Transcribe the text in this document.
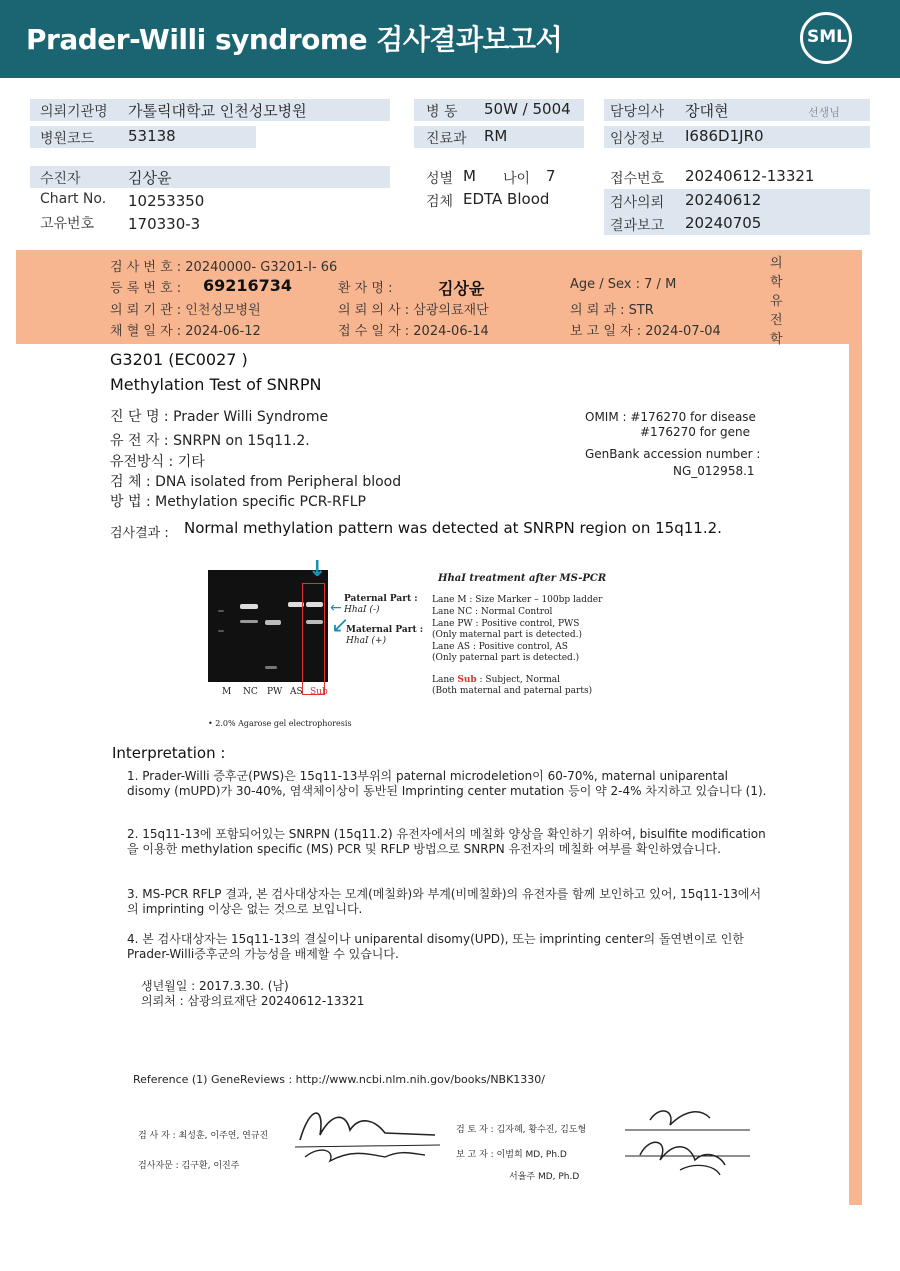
Prader-Willi syndrome 검사결과보고서	SML
의뢰기관명 가톨릭대학교 인천성모병원	병 동 50W / 5004	담당의사 장대현	선생님
병원코드 53138	진료과 RM	임상정보 I686D1JR0
수진자	김상윤	성별 M 나이 7	접수번호 20240612-13321
Chart No. 10253350	검체 EDTA Blood	검사의뢰 20240612
고유번호 170330-3	결과보고 20240705
검 사 번 호 : 20240000- G3201-I- 66
등 록 번 호 : 69216734	환 자 명 :	김상윤	Age / Sex : 7 / M
의 뢰 기 관 : 인천성모병원	의 뢰 의 사 : 삼광의료재단	의 뢰 과 : STR
채 혈 일 자 : 2024-06-12	접 수 일 자 : 2024-06-14	보 고 일 자 : 2024-07-04
의학유전학
G3201 (EC0027 )
Methylation Test of SNRPN
진 단 명 : Prader Willi Syndrome
유 전 자 : SNRPN on 15q11.2.
유전방식 : 기타
검 체 : DNA isolated from Peripheral blood
방 법 : Methylation specific PCR-RFLP
OMIM : #176270 for disease
#176270 for gene
GenBank accession number :
NG_012958.1
검사결과 : Normal methylation pattern was detected at SNRPN region on 15q11.2.
↓
←
↙
M NC PW AS Sub
Paternal Part :
HhaI (-)
Maternal Part :
HhaI (+)
• 2.0% Agarose gel electrophoresis
HhaI treatment after MS-PCR
Lane M : Size Marker – 100bp ladder
Lane NC : Normal Control
Lane PW : Positive control, PWS
(Only maternal part is detected.)
Lane AS : Positive control, AS
(Only paternal part is detected.)
Lane Sub : Subject, Normal
(Both maternal and paternal parts)
Interpretation :
1. Prader-Willi 증후군(PWS)은 15q11-13부위의 paternal microdeletion이 60-70%, maternal uniparental disomy (mUPD)가 30-40%, 염색체이상이 동반된 Imprinting center mutation 등이 약 2-4% 차지하고 있습니다 (1).
2. 15q11-13에 포함되어있는 SNRPN (15q11.2) 유전자에서의 메칠화 양상을 확인하기 위하여, bisulfite modification을 이용한 methylation specific (MS) PCR 및 RFLP 방법으로 SNRPN 유전자의 메칠화 여부를 확인하였습니다.
3. MS-PCR RFLP 결과, 본 검사대상자는 모계(메칠화)와 부계(비메칠화)의 유전자를 함께 보인하고 있어, 15q11-13에서의 imprinting 이상은 없는 것으로 보입니다.
4. 본 검사대상자는 15q11-13의 결실이나 uniparental disomy(UPD), 또는 imprinting center의 돌연변이로 인한 Prader-Willi증후군의 가능성을 배제할 수 있습니다.
생년월일 : 2017.3.30. (남)
의뢰처 : 삼광의료재단 20240612-13321
Reference (1) GeneReviews : http://www.ncbi.nlm.nih.gov/books/NBK1330/
검 사 자 : 최성훈, 이주연, 연규진
검사자문 : 김구환, 이진주
검 토 자 : 김자혜, 황수진, 김도형
보 고 자 : 이범희 MD, Ph.D
서율주 MD, Ph.D
